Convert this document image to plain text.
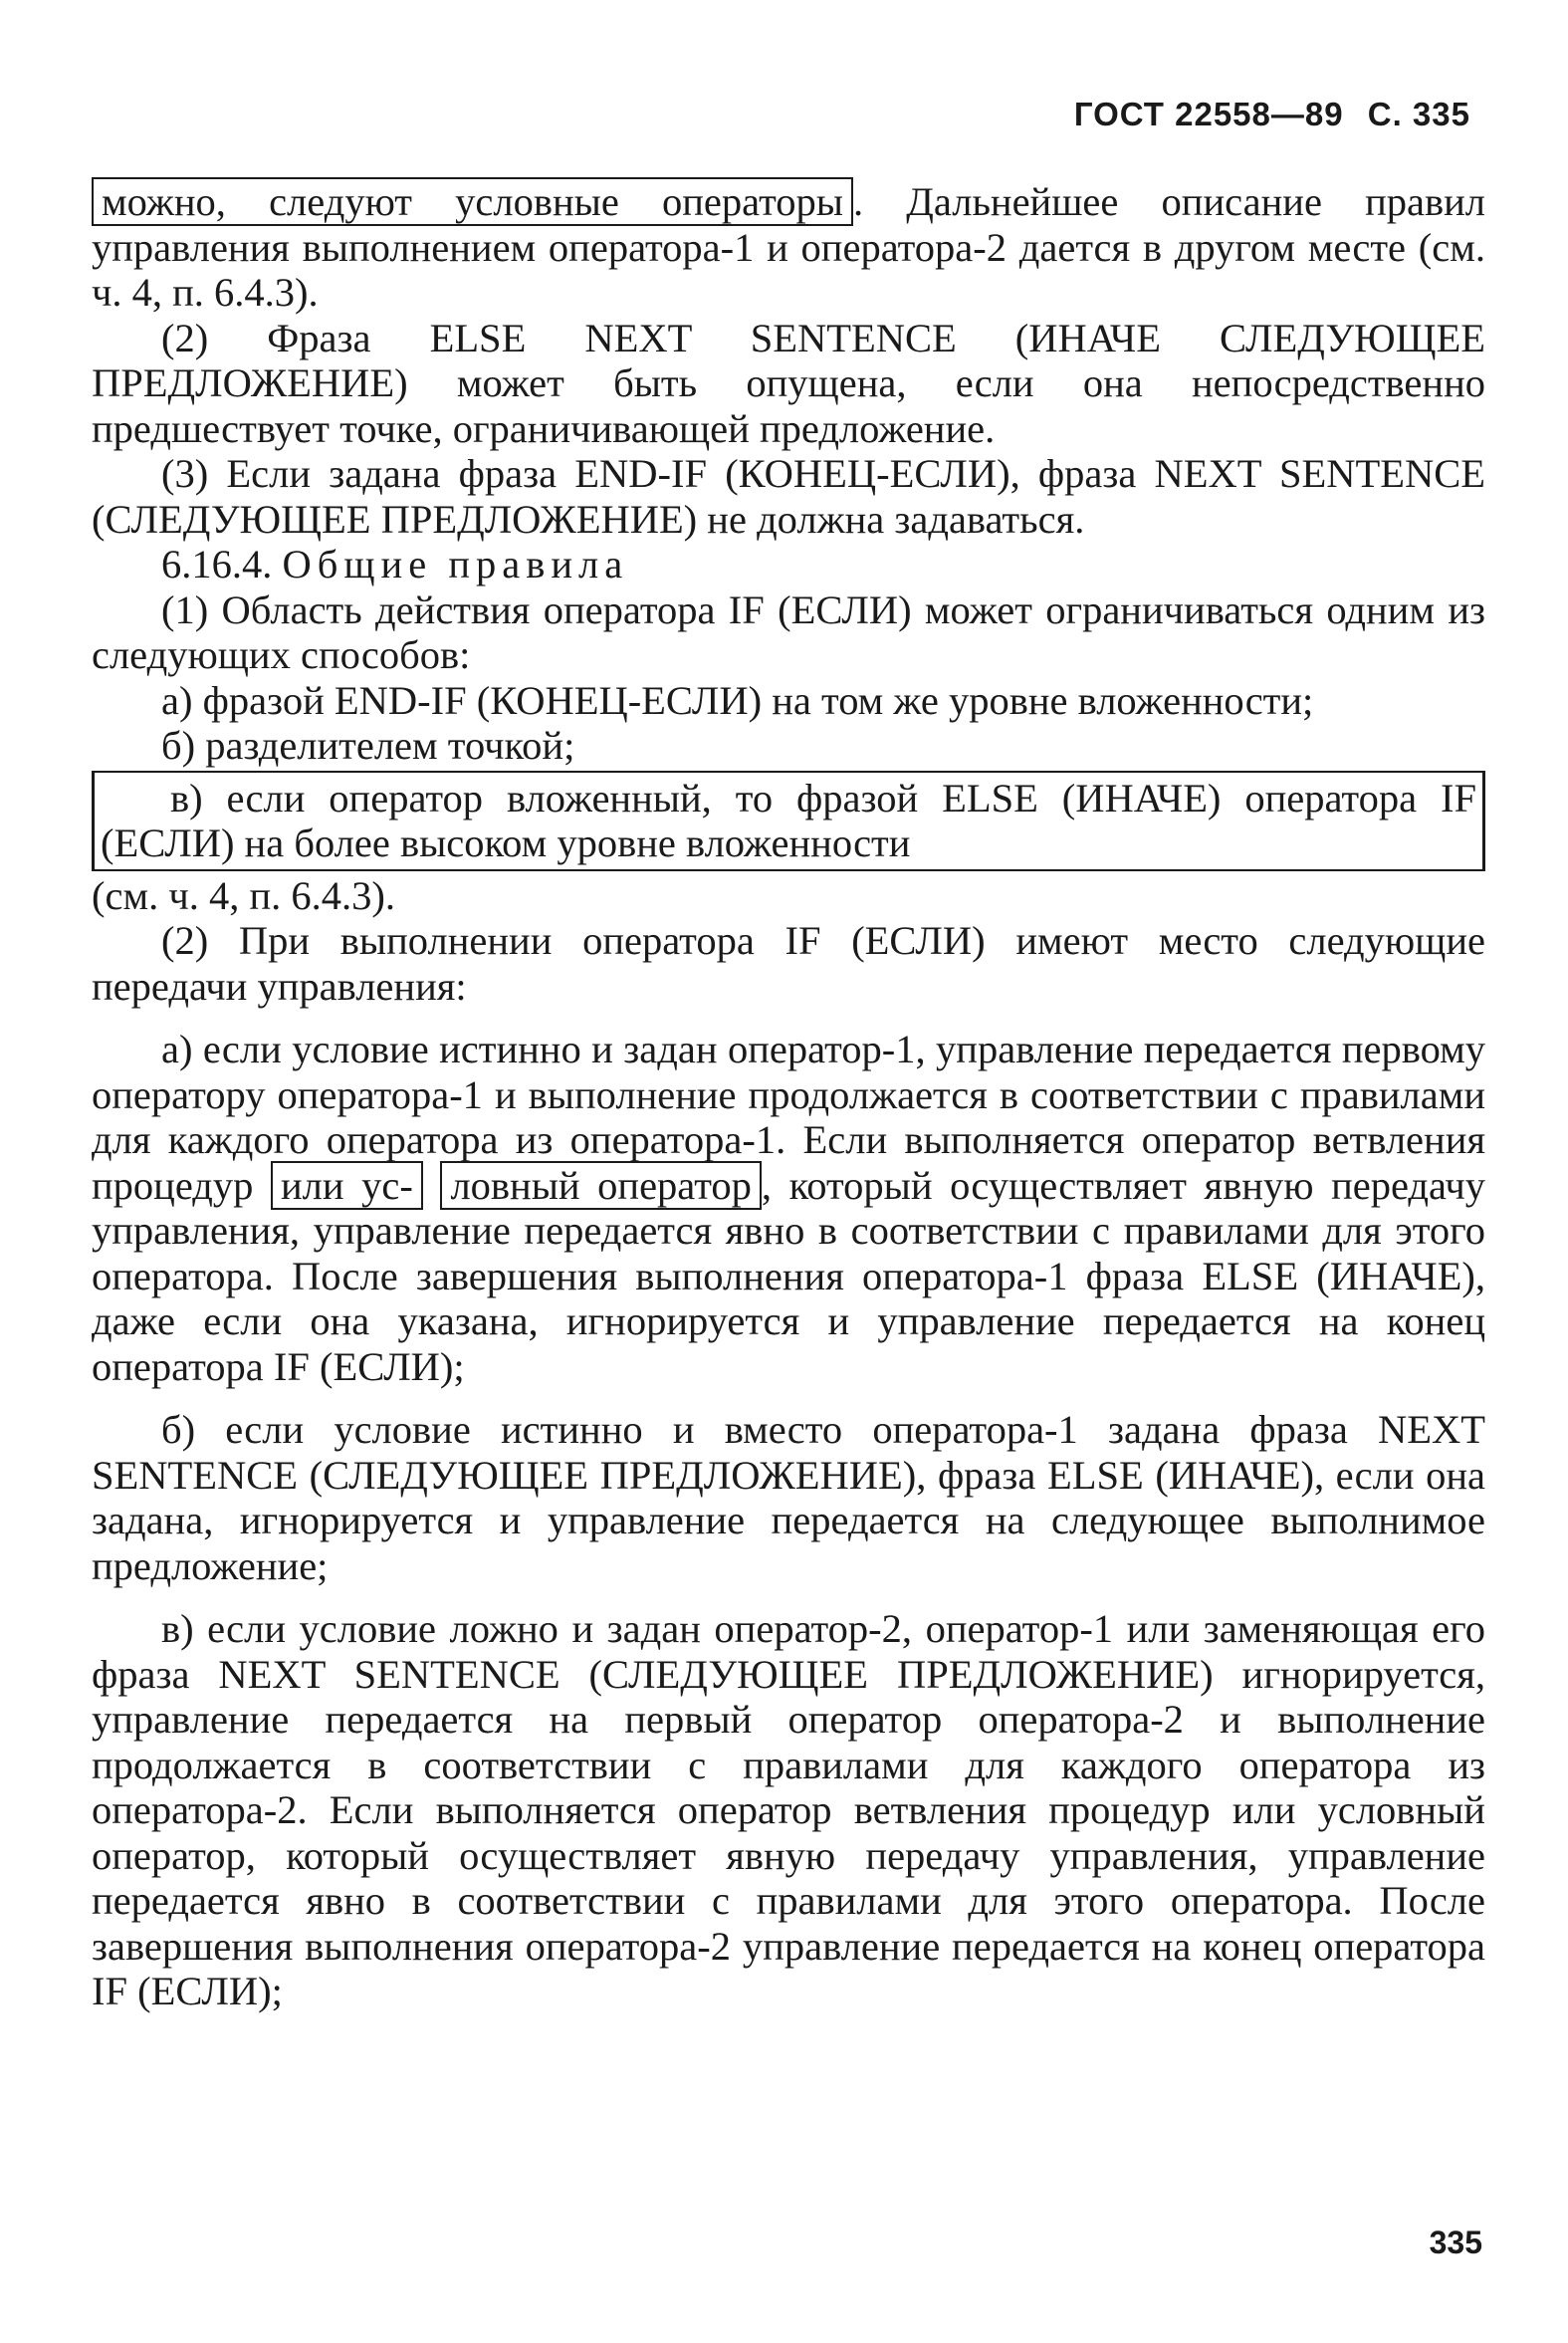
ГОСТ 22558—89 С. 335

можно, следуют условные операторы . Дальнейшее описание правил управления выполнением оператора-1 и оператора-2 дается в другом месте (см. ч. 4, п. 6.4.3).

(2) Фраза ELSE NEXT SENTENCE (ИНАЧЕ СЛЕДУЮЩЕЕ ПРЕДЛОЖЕНИЕ) может быть опущена, если она непосредственно предшествует точке, ограничивающей предложение.

(3) Если задана фраза END-IF (КОНЕЦ-ЕСЛИ), фраза NEXT SENTENCE (СЛЕДУЮЩЕЕ ПРЕДЛОЖЕНИЕ) не должна задаваться.

6.16.4. Общие правила

(1) Область действия оператора IF (ЕСЛИ) может ограничиваться одним из следующих способов:

а) фразой END-IF (КОНЕЦ-ЕСЛИ) на том же уровне вложенности;

б) разделителем точкой;

в) если оператор вложенный, то фразой ELSE (ИНАЧЕ) оператора IF (ЕСЛИ) на более высоком уровне вложенности

(см. ч. 4, п. 6.4.3).

(2) При выполнении оператора IF (ЕСЛИ) имеют место следующие передачи управления:

а) если условие истинно и задан оператор-1, управление передается первому оператору оператора-1 и выполнение продолжается в соответствии с правилами для каждого оператора из оператора-1. Если выполняется оператор ветвления процедур или ус- ловный оператор , который осуществляет явную передачу управления, управление передается явно в соответствии с правилами для этого оператора. После завершения выполнения оператора-1 фраза ELSE (ИНАЧЕ), даже если она указана, игнорируется и управление передается на конец оператора IF (ЕСЛИ);

б) если условие истинно и вместо оператора-1 задана фраза NEXT SENTENCE (СЛЕДУЮЩЕЕ ПРЕДЛОЖЕНИЕ), фраза ELSE (ИНАЧЕ), если она задана, игнорируется и управление передается на следующее выполнимое предложение;

в) если условие ложно и задан оператор-2, оператор-1 или заменяющая его фраза NEXT SENTENCE (СЛЕДУЮЩЕЕ ПРЕДЛОЖЕНИЕ) игнорируется, управление передается на первый оператор оператора-2 и выполнение продолжается в соответствии с правилами для каждого оператора из оператора-2. Если выполняется оператор ветвления процедур или условный оператор, который осуществляет явную передачу управления, управление передается явно в соответствии с правилами для этого оператора. После завершения выполнения оператора-2 управление передается на конец оператора IF (ЕСЛИ);

335
